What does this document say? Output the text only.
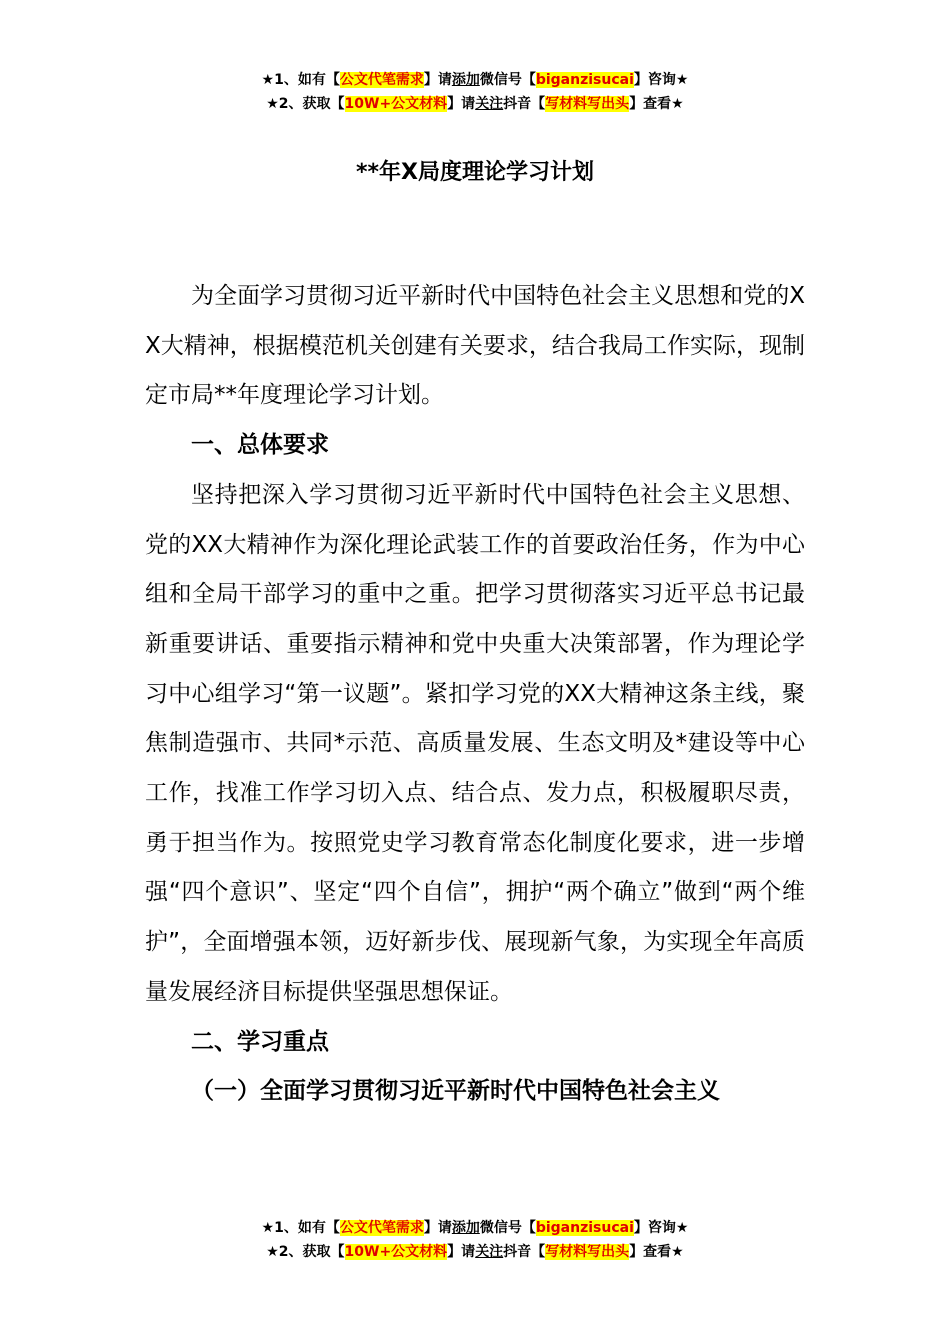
★1、如有【公文代笔需求】请添加微信号【biganzisucai】咨询★
★2、获取【10W+公文材料】请关注抖音【写材料写出头】查看★
**年X局度理论学习计划

为全面学习贯彻习近平新时代中国特色社会主义思想和党的XX大精神，根据模范机关创建有关要求，结合我局工作实际，现制定市局**年度理论学习计划。

一、总体要求

坚持把深入学习贯彻习近平新时代中国特色社会主义思想、党的XX大精神作为深化理论武装工作的首要政治任务，作为中心组和全局干部学习的重中之重。把学习贯彻落实习近平总书记最新重要讲话、重要指示精神和党中央重大决策部署，作为理论学习中心组学习“第一议题”。紧扣学习党的XX大精神这条主线，聚焦制造强市、共同*示范、高质量发展、生态文明及*建设等中心工作，找准工作学习切入点、结合点、发力点，积极履职尽责，勇于担当作为。按照党史学习教育常态化制度化要求，进一步增强“四个意识”、坚定“四个自信”，拥护“两个确立”做到“两个维护”，全面增强本领，迈好新步伐、展现新气象，为实现全年高质量发展经济目标提供坚强思想保证。

二、学习重点
（一）全面学习贯彻习近平新时代中国特色社会主义
★1、如有【公文代笔需求】请添加微信号【biganzisucai】咨询★
★2、获取【10W+公文材料】请关注抖音【写材料写出头】查看★
